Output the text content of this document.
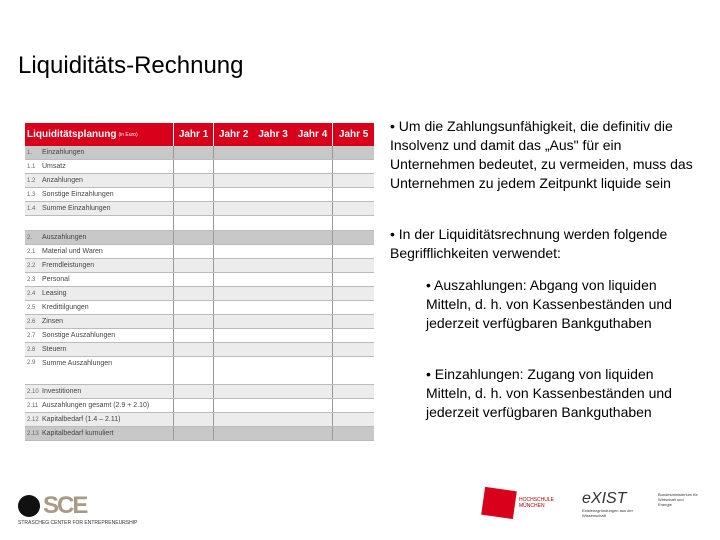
Liquiditäts-Rechnung
Liquiditätsplanung (in Euro)	Jahr 1	Jahr 2 Jahr 3 Jahr 4	Jahr 5
1.	Einzahlungen
1.1 Umsatz
1.2 Anzahlungen
1.3 Sonstige Einzahlungen
1.4 Summe Einzahlungen
2.	Auszahlungen
2.1 Material und Waren
2.2 Fremdleistungen
2.3 Personal
2.4 Leasing
2.5 Kredittilgungen
2.6 Zinsen
2.7 Sonstige Auszahlungen
2.8 Steuern
2.9 Summe Auszahlungen
2.10 Investitionen
2.11 Auszahlungen gesamt (2.9 + 2.10)
2.12 Kapitalbedarf (1.4 – 2.11)
2.13 Kapitalbedarf kumuliert
• Um die Zahlungsunfähigkeit, die definitiv die Insolvenz und damit das „Aus" für ein Unternehmen bedeutet, zu vermeiden, muss das Unternehmen zu jedem Zeitpunkt liquide sein
• In der Liquiditätsrechnung werden folgende Begrifflichkeiten verwendet:
• Auszahlungen: Abgang von liquiden Mitteln, d. h. von Kassenbeständen und jederzeit verfügbaren Bankguthaben
• Einzahlungen: Zugang von liquiden Mitteln, d. h. von Kassenbeständen und jederzeit verfügbaren Bankguthaben
SCE
STRASCHEG CENTER FOR ENTREPRENEURSHIP
HOCHSCHULE MÜNCHEN	eXIST
Existenzgründungen aus der Wissenschaft
Bundesministerium für Wirtschaft und Energie
